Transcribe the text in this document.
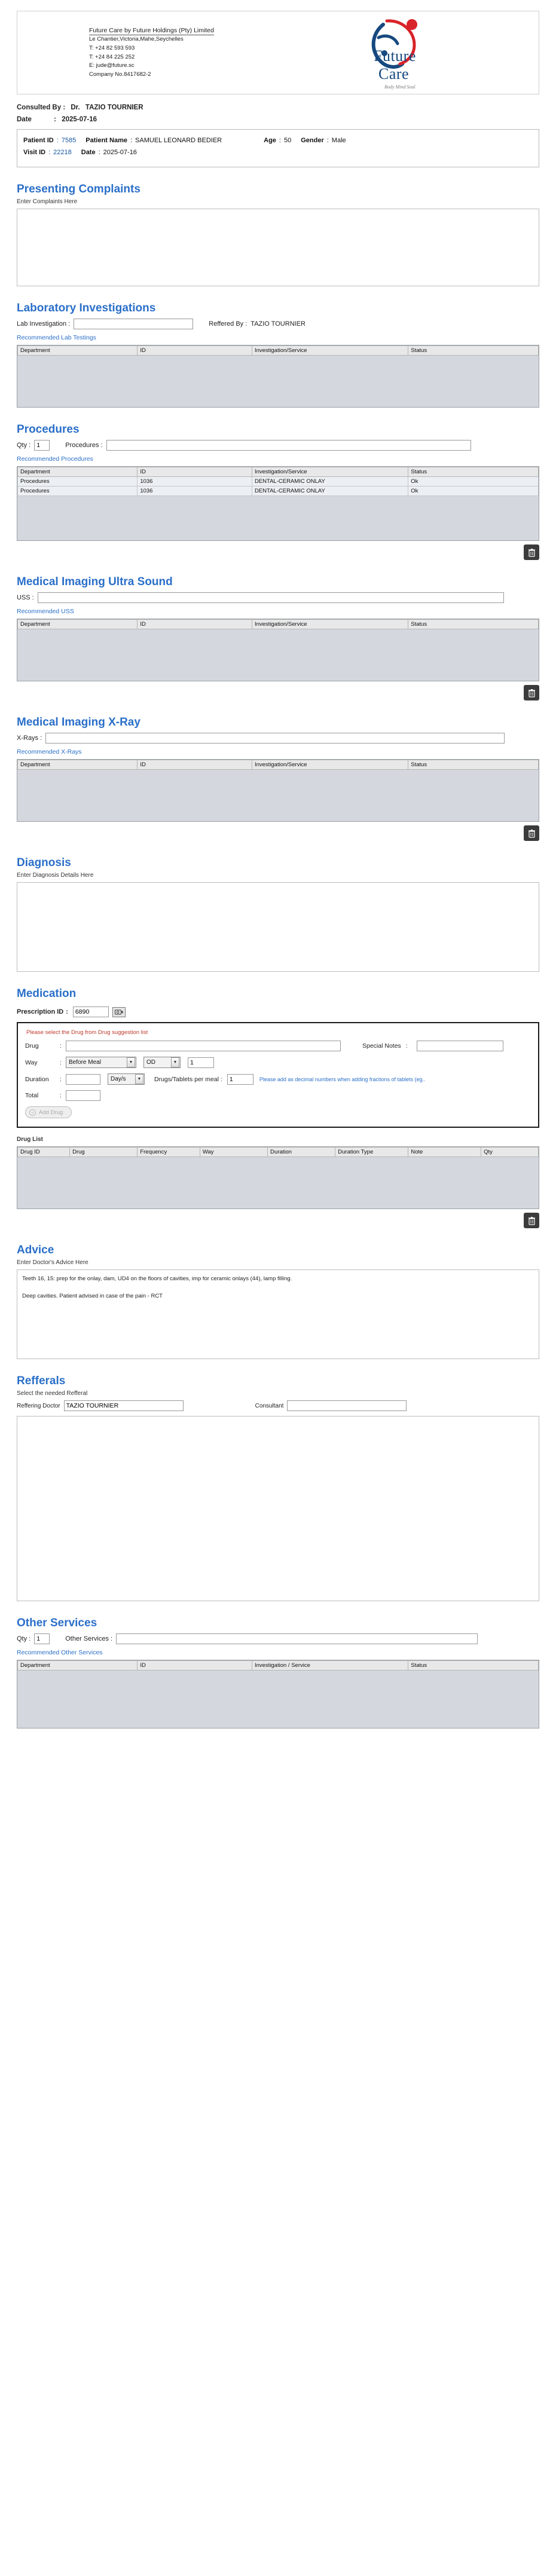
Future Care by Future Holdings (Pty) Limited
Le Chantier,Victoria,Mahe,Seychelles
T: +24 82 593 593
T: +24 84 225 252
E: jude@future.sc
Company No.8417682-2
Future
Care
Body Mind Soul
Consulted By : Dr. TAZIO TOURNIER
Date	: 2025-07-16
Patient ID : 7585 Patient Name : SAMUEL LEONARD BEDIER	Age : 50 Gender : Male
Visit ID : 22218 Date : 2025-07-16
Presenting Complaints
Enter Complaints Here
Laboratory Investigations
Lab Investigation :	Reffered By : TAZIO TOURNIER
Recommended Lab Testings
Department	ID	Investigation/Service	Status
Procedures
Qty :
1	Procedures :
Recommended Procedures
Department	ID	Investigation/Service	Status
Procedures	1036	DENTAL-CERAMIC ONLAY	Ok
Procedures	1036	DENTAL-CERAMIC ONLAY	Ok
Medical Imaging Ultra Sound
USS :
Recommended USS
Department	ID	Investigation/Service	Status
Medical Imaging X-Ray
X-Rays :
Recommended X-Rays
Department	ID	Investigation/Service	Status
Diagnosis
Enter Diagnosis Details Here
Medication
Prescription ID :
6890
Please select the Drug from Drug suggestion list
Drug	:	Special Notes :
Way	:	Before Meal	▼	OD	▼
1
Duration	:	Day/s	▼	Drugs/Tablets per meal :
1	Please add as decimal numbers when adding fractions of tablets (eg..
Total	:
+ Add Drug
Drug List
Drug ID	Drug	Frequency	Way	Duration	Duration Type	Note	Qty
Advice
Enter Doctor's Advice Here

Teeth 16, 15: prep for the onlay, dam, UD4 on the floors of cavities, imp for ceramic onlays (44), lamp filling.

Deep cavities. Patient advised in case of the pain - RCT

Refferals
Select the needed Refferal
Reffering Doctor
TAZIO TOURNIER	Consultant
Other Services
Qty :
1	Other Services :
Recommended Other Services
Department	ID	Investigation / Service	Status
